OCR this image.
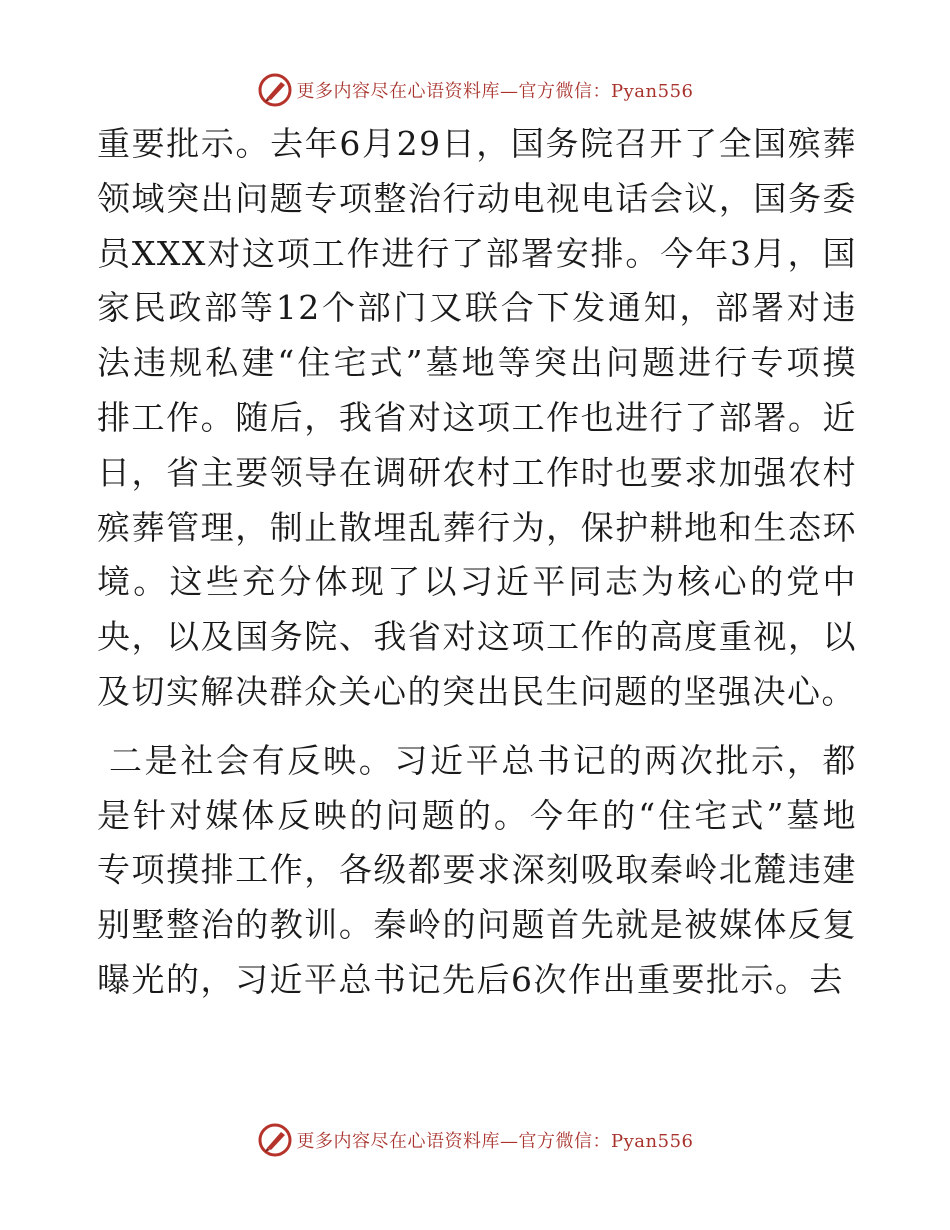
更多内容尽在心语资料库—官方微信：Pyan556

重要批示。去年6月29日，国务院召开了全国殡葬领域突出问题专项整治行动电视电话会议，国务委员XXX对这项工作进行了部署安排。今年3月，国家民政部等12个部门又联合下发通知，部署对违法违规私建“住宅式”墓地等突出问题进行专项摸排工作。随后，我省对这项工作也进行了部署。近日，省主要领导在调研农村工作时也要求加强农村殡葬管理，制止散埋乱葬行为，保护耕地和生态环境。这些充分体现了以习近平同志为核心的党中央，以及国务院、我省对这项工作的高度重视，以及切实解决群众关心的突出民生问题的坚强决心。

二是社会有反映。习近平总书记的两次批示，都是针对媒体反映的问题的。今年的“住宅式”墓地专项摸排工作，各级都要求深刻吸取秦岭北麓违建别墅整治的教训。秦岭的问题首先就是被媒体反复曝光的，习近平总书记先后6次作出重要批示。去

更多内容尽在心语资料库—官方微信：Pyan556
